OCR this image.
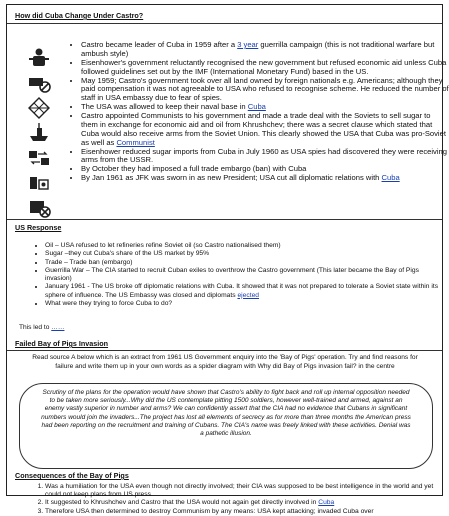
How did Cuba Change Under Castro?
• Castro became leader of Cuba in 1959 after a 3 year guerrilla campaign (this is not traditional warfare but ambush style)
• Eisenhower's government reluctantly recognised the new government but refused economic aid unless Cuba followed guidelines set out by the IMF (International Monetary Fund) based in the US.
• May 1959; Castro's government took over all land owned by foreign nationals e.g. Americans; although they paid compensation it was not agreeable to USA who refused to recognise scheme. He reduced the number of staff in USA embassy due to fear of spies.
• The USA was allowed to keep their naval base in Cuba
• Castro appointed Communists to his government and made a trade deal with the Soviets to sell sugar to them in exchange for economic aid and oil from Khrushchev; there was a secret clause which stated that Cuba would also receive arms from the Soviet Union. This clearly showed the USA that Cuba was pro-Soviet as well as Communist
• Eisenhower reduced sugar imports from Cuba in July 1960 as USA spies had discovered they were receiving arms from the USSR.
• By October they had imposed a full trade embargo (ban) with Cuba
• By Jan 1961 as JFK was sworn in as new President; USA cut all diplomatic relations with Cuba
US Response
• Oil – USA refused to let refineries refine Soviet oil (so Castro nationalised them)
• Sugar –they cut Cuba's share of the US market by 95%
• Trade – Trade ban (embargo)
• Guerrilla War – The CIA started to recruit Cuban exiles to overthrow the Castro government (This later became the Bay of Pigs invasion)
• January 1961 - The US broke off diplomatic relations with Cuba. It showed that it was not prepared to tolerate a Soviet state within its sphere of influence. The US Embassy was closed and diplomats ejected
• What were they trying to force Cuba to do?
This led to ……
Failed Bay of Pigs Invasion
Read source A below which is an extract from 1961 US Government enquiry into the 'Bay of Pigs' operation. Try and find reasons for failure and write them up in your own words as a spider diagram with Why did Bay of Pigs invasion fail? in the centre
Scrutiny of the plans for the operation would have shown that Castro's ability to fight back and roll up internal opposition needed to be taken more seriously...Why did the US contemplate pitting 1500 soldiers, however well-trained and armed, against an enemy vastly superior in number and arms? We can confidently assert that the CIA had no evidence that Cubans in significant numbers would join the invaders...The project has lost all elements of secrecy as for more than three months the American press had been reporting on the recruitment and training of Cubans. The CIA's name was freely linked with these activities. Denial was a pathetic illusion.
Consequences of the Bay of Pigs
1. Was a humiliation for the USA even though not directly involved; their CIA was supposed to be best intelligence in the world and yet could not keep plans from US press.
2. It suggested to Khrushchev and Castro that the USA would not again get directly involved in Cuba
3. Therefore USA then determined to destroy Communism by any means: USA kept attacking; invaded Cuba over
